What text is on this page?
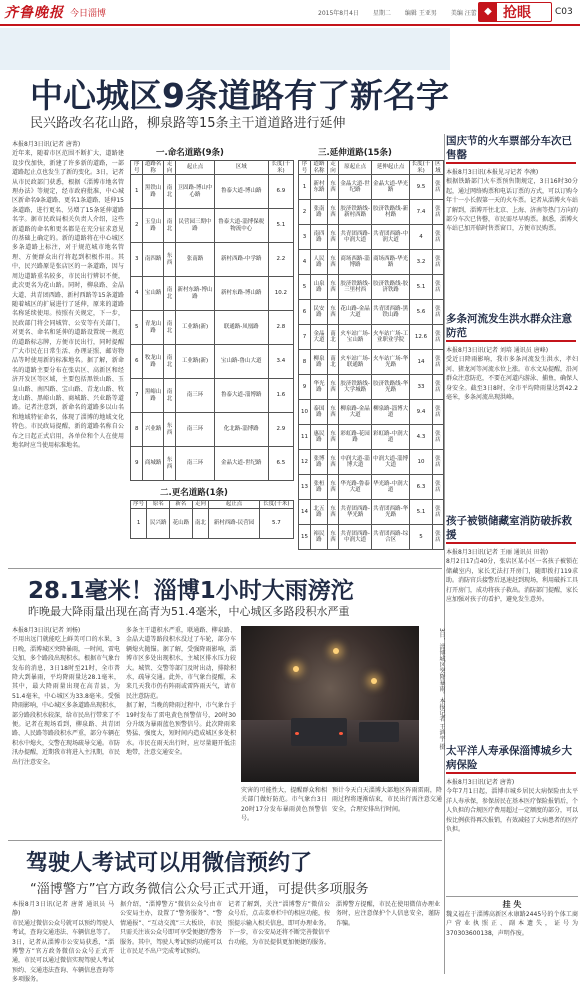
齐鲁晚报 今日淄博	2015年8月4日 星期二 编辑 王亚男 美编 汪蕾 ◆ 抢眼	C03
中心城区9条道路有了新名字
民兴路改名花山路，柳泉路等15条主干道道路进行延伸
本报8月3日讯(记者 唐菁)
近年来，随着市区范围不断扩大，道路建设步伐加快，新建了许多新的道路，一部道路起止点也发生了新的变化。3日，记者从市民政部门获悉，根据《淄博市地名管理办法》等规定，经市政府批准，中心城区新命名9条道路、更名1条道路、延伸15条道路，进行更名、另增了15条延伸道路名字。据市民政局相关负责人介绍，这些新道路的命名和更名都是在充分征求意见的基础上确定的。新的道路将在中心城区多条道路上标注，对于规范城市地名管理、方便群众出行将起到积极作用。其中，民兴路原是张店区的一条道路，因与周边道路重名较多，市民出行辨识不便，此次更名为花山路。同时，柳泉路、金晶大道、共青团西路、新村西路等15条道路随着城区的扩展进行了延伸，原来的道路名称延续使用。按照有关规定，下一步，民政部门将会同城管、公安等有关部门，对更名、命名和延伸的道路设置统一规范的道路标志牌，方便市民出行，同时提醒广大市民在日常生活、办理证照、邮寄物品等时使用新的标准地名。据了解，新命名的道路主要分布在张店区、高新区和经济开发区等区域，主要包括黑铁山路、玉皇山路、南四路、宝山路、青龙山路、牧龙山路、黑峪山路、商城路、兴业路等道路。记者注意到，新命名的道路多以山名和地域特征命名，体现了淄博的地域文化特色。市民政局提醒，新的道路名称自公布之日起正式启用，各单位和个人在使用地名时应当使用标准地名。
一.命名道路(9条)
序号	道路名称	走向	起止点	区域	长度(千米)
1	黑铁山路	南北	卫固路-博山中心路	鲁泰大道-博山路	6.9
2	玉皇山路	南北	民营园三期中路	鲁泰大道-淄博保税物流中心	5.1
3	南四路	东西	张南路	新村西路-中学路	2.2
4	宝山路	南北	新村东路-博山路	新村东路-博山路	10.2
5	青龙山路	南北	工业路(新)	联通路-凤凰路	2.8
6	牧龙山路	南北	工业路(新)	宝山路-鲁山大道	3.4
7	黑峪山路	南北	南三环	鲁泰大道-淄博路	1.6
8	兴业路	东西	南三环	化北路-淄博路	2.9
9	商城路	东西	南三环	金晶大道-世纪路	6.5
二.更名道路(1条)
序号	原名	新名	走向	起止点	长度(千米)
1	民兴路	花山路	南北	新村西路-民营园	5.7
三.延伸道路(15条)
序号	道路名称	走向	原起止点	延伸起止点	长度(千米)	区域
1	新村东路	东西	金晶大道-世纪路	金晶大道-华光路	9.5	张店
2	张南路	东西	胶济铁路线-新村西路	胶济铁路线-新村路	7.4	张店
3	南四路	东西	共青团西路-中润大道	共青团西路-中润大道	4	张店
4	人民路	东西	商场西路-淄博路	商场西路-华光路	3.2	张店
5	山泉路	东西	胶济铁路线-三里村西	胶济铁路线-胶济铁路	5.1	张店
6	民安路	东西	花山路-金晶大道	共青团西路-黑铁山路	5.6	张店
7	金晶大道	南北	火车站广场-宝山路	火车站广场-工业职业学院	12.6	张店
8	柳泉路	南北	火车站广场-联通路	火车站广场-华光路	14	张店
9	华光路	东西	胶济铁路线-大学城路	胶济铁路线-华光路	33	张店
10	泰国路	东西	柳泉路-金晶大道	柳泉路-淄博大道	9.4	张店
11	惠民路	东西	彩虹路-花园路	彩虹路-中润大道	4.3	张店
12	张博路	东西	中润大道-淄博大道	中润大道-淄博大道	10	张店
13	张桓路	东西	华光路-鲁泰大道	华光路-中润大道	6.3	张店
14	北五路	东西	共青团西路-华光路	共青团西路-华光路	5.1	张店
15	裕民路	东西	共青团西路-中润大道	共青团西路-综合区	5	张店
国庆节的火车票部分车次已售罄
本报8月3日讯(本报见习记者 李澳)
根据铁路部门火车票预售期规定，3日16时30分起，通过网络购票和电话订票的方式，可以订购今年十一小长假第一天的火车票。记者从淄博火车站了解到，淄博开往北京、上海、济南等热门方向的部分车次已售罄，市民需尽早购票。据悉，淄博火车站已加开临时售票窗口，方便市民购票。
多条河流发生洪水群众注意防范
本报8月3日讯(记者 刘培 通讯员 唐峰)
受近日降雨影响，我市多条河流发生洪水，孝妇河、猪龙河等河流水位上涨。市水文局提醒，沿河群众注意防范，不要在河道内游泳、捕鱼，确保人身安全。截至3日8时，全市平均降雨量达到42.2毫米，多条河流出现洪峰。
孩子被锁储藏室消防破拆救援
本报8月3日讯(记者 王丽 通讯员 田勃)
8月2日17点40分，张店区某小区一名孩子被锁在储藏室内，家长无法打开房门，随即拨打119求助。消防官兵接警后迅速赶到现场，利用破拆工具打开房门，成功将孩子救出。消防部门提醒，家长应加强对孩子的看护，避免发生意外。
太平洋人寿承保淄博城乡大病保险
本报8月3日讯(记者 唐菁)
今年7月1日起，淄博市城乡居民大病保险由太平洋人寿承保，参保居民在基本医疗保险报销后，个人负担的合规医疗费用超过一定额度的部分，可以按比例获得再次报销，有效减轻了大病患者的医疗负担。
挂 失
魏义福在于淄博高新区永康路2445号的个体工商户营业执照正、副本遗失，证号为370303600138，声明作废。
28.1毫米！淄博1小时大雨滂沱
昨晚最大降雨量出现在高青为51.4毫米，中心城区多路段积水严重
本报8月3日讯(记者 刘杨)
不用出远门就能吃上鲜美可口的水果，3日晚，淄博城区突降暴雨，一时间，雷电交加，多个路段出现积水。根据市气象台发布的消息，3日18时至21时，全市普降大到暴雨，平均降雨量达28.1毫米，其中，最大降雨量出现在高青县，为51.4毫米，中心城区为33.8毫米。受强降雨影响，中心城区多条道路出现积水，部分路段积水较深，给市民出行带来了不便。记者在现场看到，柳泉路、共青团路、人民路等路段积水严重，部分车辆在积水中熄火，交警在现场疏导交通。市防汛办提醒，近期我市将进入主汛期，市民出行注意安全。
多条主干道积水严重，联通路、柳泉路、金晶大道等路段积水没过了车轮，部分车辆熄火抛锚。据了解，受强降雨影响，淄博市区多处出现积水，主城区排水压力较大。城管、交警等部门及时出动，排除积水，疏导交通。此外，市气象台提醒，未来几天我市仍有阵雨或雷阵雨天气，请市民注意防范。
据了解，当晚的降雨过程中，市气象台于19时发布了雷电黄色预警信号，20时30分升级为暴雨蓝色预警信号。此次降雨来势猛、强度大，短时间内造成城区多处积水。市民在雨天出行时，应尽量避开低洼地带，注意交通安全。
3日，淄博城区突降暴雨。本报记者 王鸿宇 摄
灾害的可能性大，提醒群众和相关部门做好防范。市气象台3日20时17分发布暴雨黄色预警信号。
预计今天白天淄博大部地区阵雨雷雨，降雨过程将逐渐结束，市民出行需注意交通安全，合理安排出行时间。
驾驶人考试可以用微信预约了
“淄博警方”官方政务微信公众号正式开通，可提供多项服务
本报8月3日讯(记者 唐菁 通讯员 马静)
市民通过微信公众号就可以预约驾驶人考试，查询交通违法、车辆信息等了。3日，记者从淄博市公安局获悉，“淄博警方”官方政务微信公众号正式开通，市民可以通过微信实现驾驶人考试预约、交通违法查询、车辆信息查询等多项服务。
据介绍，“淄博警方”微信公众号由市公安局主办，设置了“警务服务”、“警情通报”、“互动交流”三大板块，市民只需关注该公众号即可享受便捷的警务服务。其中，驾驶人考试预约功能可以让市民足不出户完成考试预约。
记者了解到，关注“淄博警方”微信公众号后，点击菜单栏中的相应功能，按照提示输入相关信息，即可办理业务。下一步，市公安局还将不断完善微信平台功能，为市民提供更加便捷的服务。
淄博警方提醒，市民在使用微信办理业务时，应注意保护个人信息安全，谨防诈骗。
